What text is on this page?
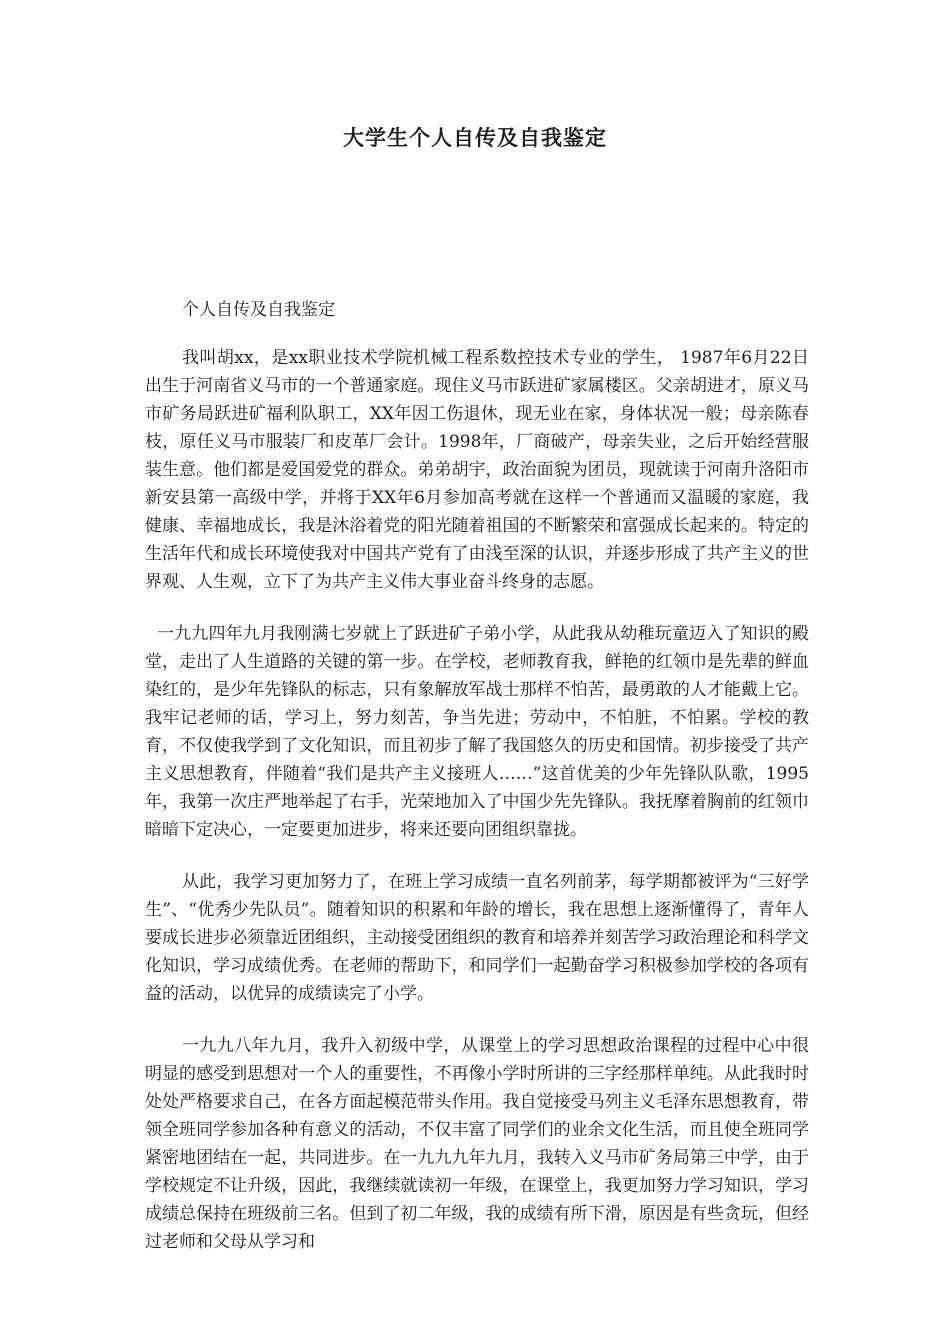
大学生个人自传及自我鉴定

个人自传及自我鉴定

我叫胡xx，是xx职业技术学院机械工程系数控技术专业的学生， 1987年6月22日出生于河南省义马市的一个普通家庭。现住义马市跃进矿家属楼区。父亲胡进才，原义马市矿务局跃进矿福利队职工，XX年因工伤退休，现无业在家，身体状况一般；母亲陈春枝，原任义马市服装厂和皮革厂会计。1998年，厂商破产，母亲失业，之后开始经营服装生意。他们都是爱国爱党的群众。弟弟胡宇，政治面貌为团员，现就读于河南升洛阳市新安县第一高级中学，并将于XX年6月参加高考就在这样一个普通而又温暖的家庭，我健康、幸福地成长，我是沐浴着党的阳光随着祖国的不断繁荣和富强成长起来的。特定的生活年代和成长环境使我对中国共产党有了由浅至深的认识，并逐步形成了共产主义的世界观、人生观，立下了为共产主义伟大事业奋斗终身的志愿。

一九九四年九月我刚满七岁就上了跃进矿子弟小学，从此我从幼稚玩童迈入了知识的殿堂，走出了人生道路的关键的第一步。在学校，老师教育我，鲜艳的红领巾是先辈的鲜血染红的，是少年先锋队的标志，只有象解放军战士那样不怕苦，最勇敢的人才能戴上它。我牢记老师的话，学习上，努力刻苦，争当先进；劳动中，不怕脏，不怕累。学校的教育，不仅使我学到了文化知识，而且初步了解了我国悠久的历史和国情。初步接受了共产主义思想教育，伴随着“我们是共产主义接班人……”这首优美的少年先锋队队歌，1995年，我第一次庄严地举起了右手，光荣地加入了中国少先先锋队。我抚摩着胸前的红领巾暗暗下定决心，一定要更加进步，将来还要向团组织靠拢。

从此，我学习更加努力了，在班上学习成绩一直名列前茅，每学期都被评为“三好学生”、“优秀少先队员”。随着知识的积累和年龄的增长，我在思想上逐渐懂得了，青年人要成长进步必须靠近团组织，主动接受团组织的教育和培养并刻苦学习政治理论和科学文化知识，学习成绩优秀。在老师的帮助下，和同学们一起勤奋学习积极参加学校的各项有益的活动，以优异的成绩读完了小学。

一九九八年九月，我升入初级中学，从课堂上的学习思想政治课程的过程中心中很明显的感受到思想对一个人的重要性，不再像小学时所讲的三字经那样单纯。从此我时时处处严格要求自己，在各方面起模范带头作用。我自觉接受马列主义毛泽东思想教育，带领全班同学参加各种有意义的活动，不仅丰富了同学们的业余文化生活，而且使全班同学紧密地团结在一起，共同进步。在一九九九年九月，我转入义马市矿务局第三中学，由于学校规定不让升级，因此，我继续就读初一年级，在课堂上，我更加努力学习知识，学习成绩总保持在班级前三名。但到了初二年级，我的成绩有所下滑，原因是有些贪玩，但经过老师和父母从学习和
